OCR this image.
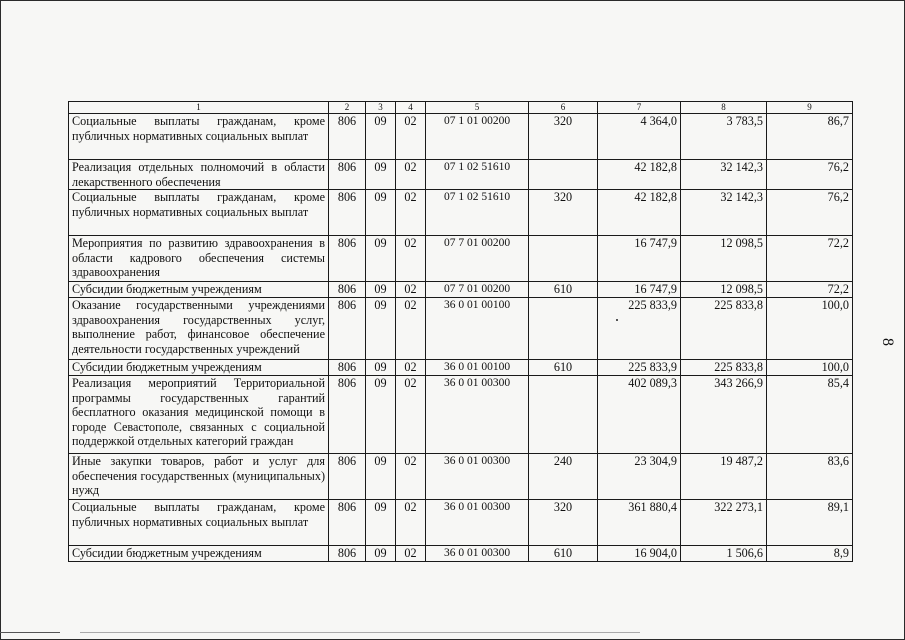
1	2	3	4	5	6	7	8	9
Социальные выплаты гражданам, кроме публичных нормативных социальных выплат	806	09	02	07 1 01 00200	320	4 364,0	3 783,5	86,7
Реализация отдельных полномочий в области лекарственного обеспечения	806	09	02	07 1 02 51610		42 182,8	32 142,3	76,2
Социальные выплаты гражданам, кроме публичных нормативных социальных выплат	806	09	02	07 1 02 51610	320	42 182,8	32 142,3	76,2
Мероприятия по развитию здравоохранения в области кадрового обеспечения системы здравоохранения	806	09	02	07 7 01 00200		16 747,9	12 098,5	72,2
Субсидии бюджетным учреждениям	806	09	02	07 7 01 00200	610	16 747,9	12 098,5	72,2
Оказание государственными учреждениями здравоохранения государственных услуг, выполнение работ, финансовое обеспечение деятельности государственных учреждений	806	09	02	36 0 01 00100		225 833,9	225 833,8	100,0
Субсидии бюджетным учреждениям	806	09	02	36 0 01 00100	610	225 833,9	225 833,8	100,0
Реализация мероприятий Территориальной программы государственных гарантий бесплатного оказания медицинской помощи в городе Севастополе, связанных с социальной поддержкой отдельных категорий граждан	806	09	02	36 0 01 00300		402 089,3	343 266,9	85,4
Иные закупки товаров, работ и услуг для обеспечения государственных (муниципальных) нужд	806	09	02	36 0 01 00300	240	23 304,9	19 487,2	83,6
Социальные выплаты гражданам, кроме публичных нормативных социальных выплат	806	09	02	36 0 01 00300	320	361 880,4	322 273,1	89,1
Субсидии бюджетным учреждениям	806	09	02	36 0 01 00300	610	16 904,0	1 506,6	8,9
8
